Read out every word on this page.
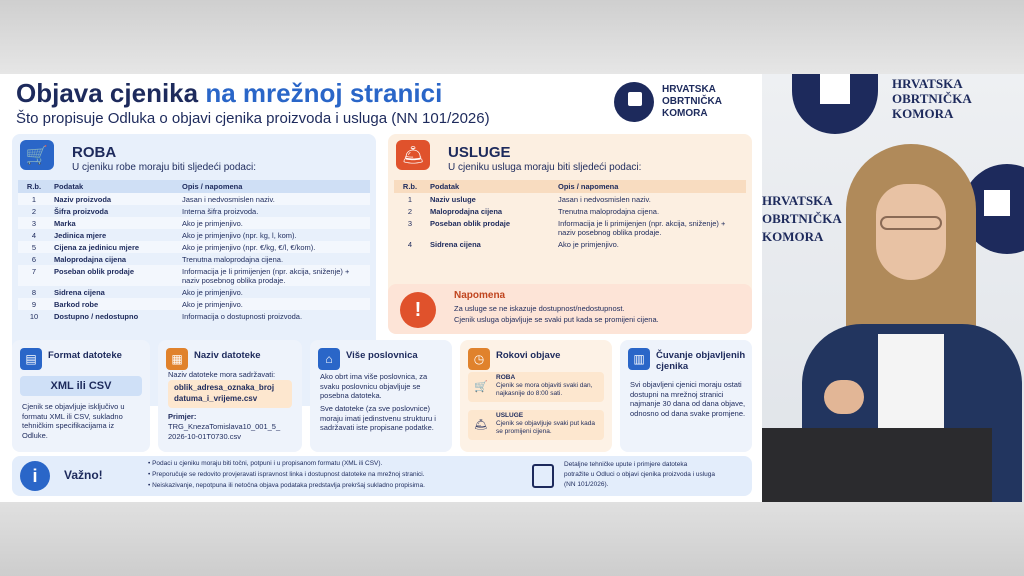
Objava cjenika na mrežnoj stranici
Što propisuje Odluka o objavi cjenika proizvoda i usluga (NN 101/2026)
HRVATSKA
OBRTNIČKA
KOMORA
🛒	ROBA
U cjeniku robe moraju biti sljedeći podaci:
R.b.	Podatak	Opis / napomena
1	Naziv proizvoda	Jasan i nedvosmislen naziv.
2	Šifra proizvoda	Interna šifra proizvoda.
3	Marka	Ako je primjenjivo.
4	Jedinica mjere	Ako je primjenjivo (npr. kg, l, kom).
5	Cijena za jedinicu mjere	Ako je primjenjivo (npr. €/kg, €/l, €/kom).
6	Maloprodajna cijena	Trenutna maloprodajna cijena.
7	Poseban oblik prodaje	Informacija je li primijenjen (npr. akcija, sniženje) + naziv posebnog oblika prodaje.
8	Sidrena cijena	Ako je primjenjivo.
9	Barkod robe	Ako je primjenjivo.
10	Dostupno / nedostupno	Informacija o dostupnosti proizvoda.
🛎	USLUGE
U cjeniku usluga moraju biti sljedeći podaci:
R.b.	Podatak	Opis / napomena
1	Naziv usluge	Jasan i nedvosmislen naziv.
2	Maloprodajna cijena	Trenutna maloprodajna cijena.
3	Poseban oblik prodaje	Informacija je li primijenjen (npr. akcija, sniženje) + naziv posebnog oblika prodaje.
4	Sidrena cijena	Ako je primjenjivo.
!
Napomena
Za usluge se ne iskazuje dostupnost/nedostupnost.
Cjenik usluga objavljuje se svaki put kada se promijeni cijena.
▤	Format datoteke
XML ili CSV
Cjenik se objavljuje isključivo u formatu XML ili CSV, sukladno tehničkim specifikacijama iz Odluke.
▦	Naziv datoteke
Naziv datoteke mora sadržavati:
oblik_adresa_oznaka_broj
datuma_i_vrijeme.csv
Primjer:
TRG_KnezaTomislava10_001_5_
2026-10-01T0730.csv
⌂	Više poslovnica
Ako obrt ima više poslovnica, za svaku poslovnicu objavljuje se posebna datoteka.
Sve datoteke (za sve poslovnice) moraju imati jedinstvenu strukturu i sadržavati iste propisane podatke.
◷	Rokovi objave
🛒
ROBA
Cjenik se mora objaviti svaki dan, najkasnije do 8:00 sati.
🛎
USLUGE
Cjenik se objavljuje svaki put kada se promijeni cijena.
▥	Čuvanje objavljenih
cjenika
Svi objavljeni cjenici moraju ostati dostupni na mrežnoj stranici najmanje 30 dana od dana objave, odnosno od dana svake promjene.
i	Važno!
• Podaci u cjeniku moraju biti točni, potpuni i u propisanom formatu (XML ili CSV).
• Preporučuje se redovito provjeravati ispravnost linka i dostupnost datoteke na mrežnoj stranici.
• Neiskazivanje, nepotpuna ili netočna objava podataka predstavlja prekršaj sukladno propisima.
Detaljne tehničke upute i primjere datoteka
potražite u Odluci o objavi cjenika proizvoda i usluga
(NN 101/2026).
HRVATSKA
OBRTNIČKA
KOMORA
HRVATSKA
OBRTNIČKA
KOMORA
